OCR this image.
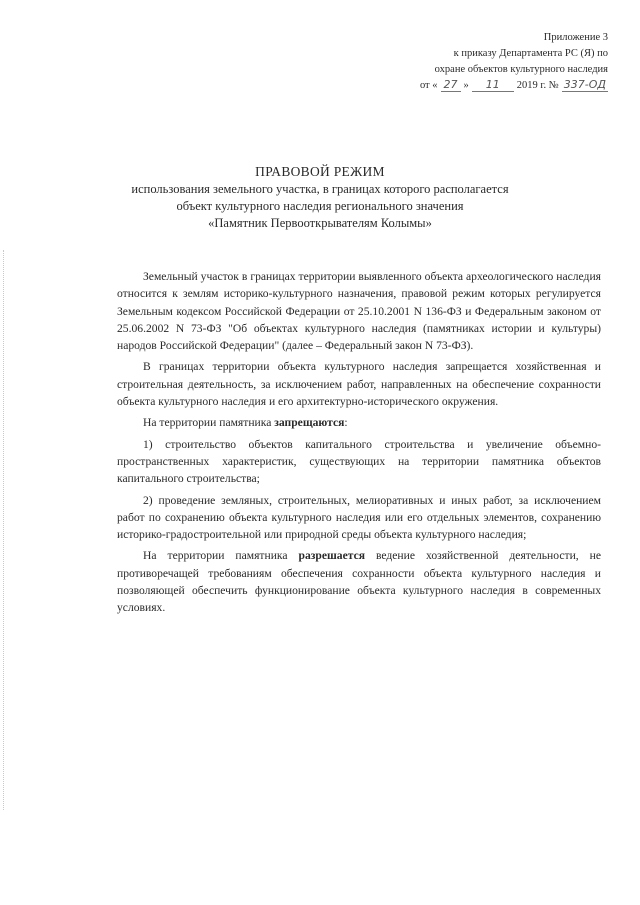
Приложение 3
к приказу Департамента РС (Я) по
охране объектов культурного наследия
от « 27 »	11	2019 г. № 337-ОД
ПРАВОВОЙ РЕЖИМ
использования земельного участка, в границах которого располагается
объект культурного наследия регионального значения
«Памятник Первооткрывателям Колымы»

Земельный участок в границах территории выявленного объекта археологического наследия относится к землям историко-культурного назначения, правовой режим которых регулируется Земельным кодексом Российской Федерации от 25.10.2001 N 136-ФЗ и Федеральным законом от 25.06.2002 N 73-ФЗ "Об объектах культурного наследия (памятниках истории и культуры) народов Российской Федерации" (далее – Федеральный закон N 73-ФЗ).

В границах территории объекта культурного наследия запрещается хозяйственная и строительная деятельность, за исключением работ, направленных на обеспечение сохранности объекта культурного наследия и его архитектурно-исторического окружения.

На территории памятника запрещаются:

1) строительство объектов капитального строительства и увеличение объемно-пространственных характеристик, существующих на территории памятника объектов капитального строительства;

2) проведение земляных, строительных, мелиоративных и иных работ, за исключением работ по сохранению объекта культурного наследия или его отдельных элементов, сохранению историко-градостроительной или природной среды объекта культурного наследия;

На территории памятника разрешается ведение хозяйственной деятельности, не противоречащей требованиям обеспечения сохранности объекта культурного наследия и позволяющей обеспечить функционирование объекта культурного наследия в современных условиях.
